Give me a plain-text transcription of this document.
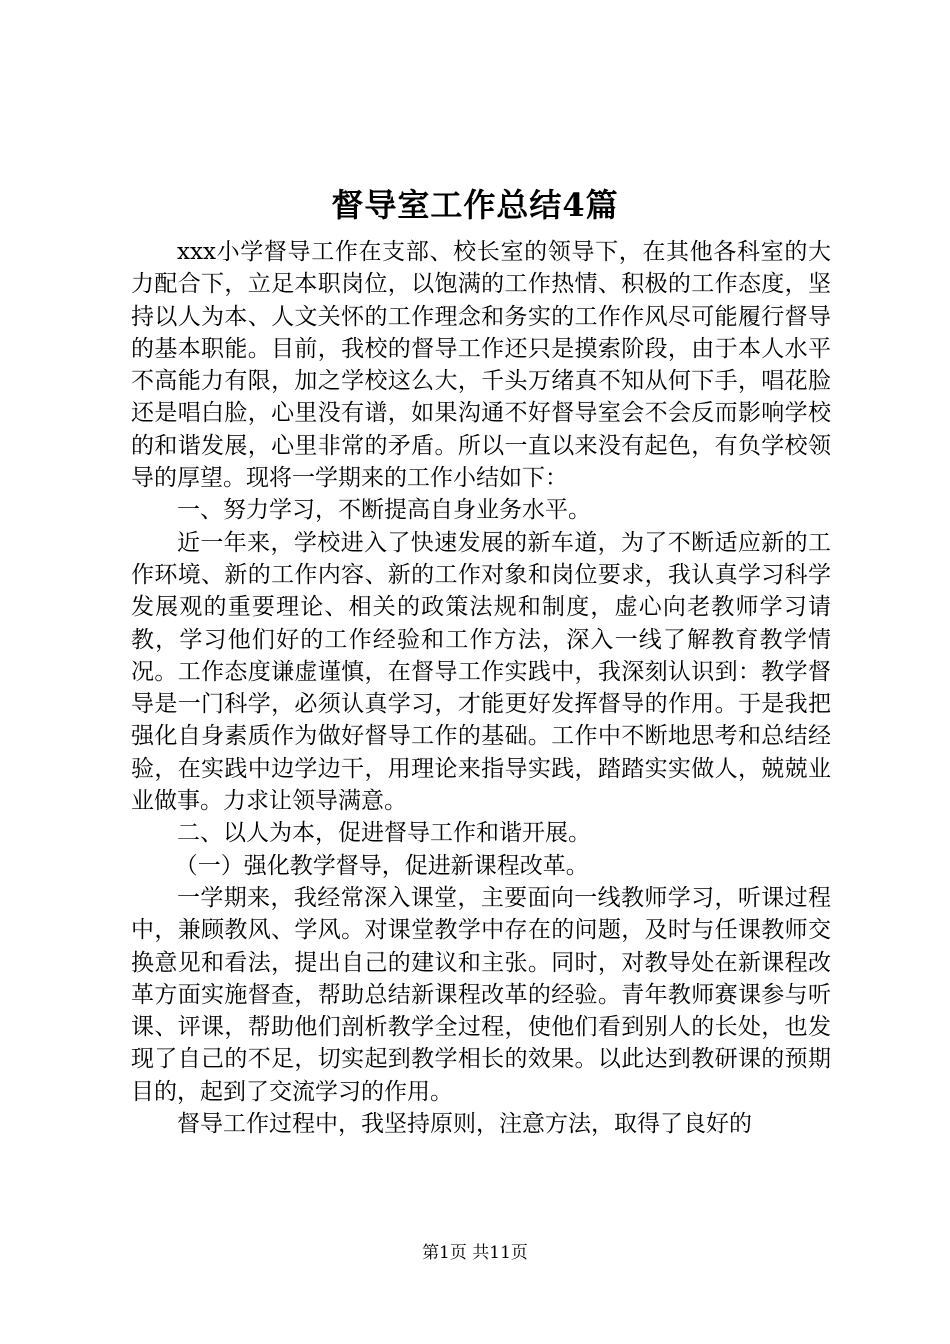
督导室工作总结4篇

xxx小学督导工作在支部、校长室的领导下，在其他各科室的大力配合下，立足本职岗位，以饱满的工作热情、积极的工作态度，坚持以人为本、人文关怀的工作理念和务实的工作作风尽可能履行督导的基本职能。目前，我校的督导工作还只是摸索阶段，由于本人水平不高能力有限，加之学校这么大，千头万绪真不知从何下手，唱花脸还是唱白脸，心里没有谱，如果沟通不好督导室会不会反而影响学校的和谐发展，心里非常的矛盾。所以一直以来没有起色，有负学校领导的厚望。现将一学期来的工作小结如下：

一、努力学习，不断提高自身业务水平。

近一年来，学校进入了快速发展的新车道，为了不断适应新的工作环境、新的工作内容、新的工作对象和岗位要求，我认真学习科学发展观的重要理论、相关的政策法规和制度，虚心向老教师学习请教，学习他们好的工作经验和工作方法，深入一线了解教育教学情况。工作态度谦虚谨慎，在督导工作实践中，我深刻认识到：教学督导是一门科学，必须认真学习，才能更好发挥督导的作用。于是我把强化自身素质作为做好督导工作的基础。工作中不断地思考和总结经验，在实践中边学边干，用理论来指导实践，踏踏实实做人，兢兢业业做事。力求让领导满意。

二、以人为本，促进督导工作和谐开展。

（一）强化教学督导，促进新课程改革。

一学期来，我经常深入课堂，主要面向一线教师学习，听课过程中，兼顾教风、学风。对课堂教学中存在的问题，及时与任课教师交换意见和看法，提出自己的建议和主张。同时，对教导处在新课程改革方面实施督查，帮助总结新课程改革的经验。青年教师赛课参与听课、评课，帮助他们剖析教学全过程，使他们看到别人的长处，也发现了自己的不足，切实起到教学相长的效果。以此达到教研课的预期目的，起到了交流学习的作用。

督导工作过程中，我坚持原则，注意方法，取得了良好的

第1页 共11页
